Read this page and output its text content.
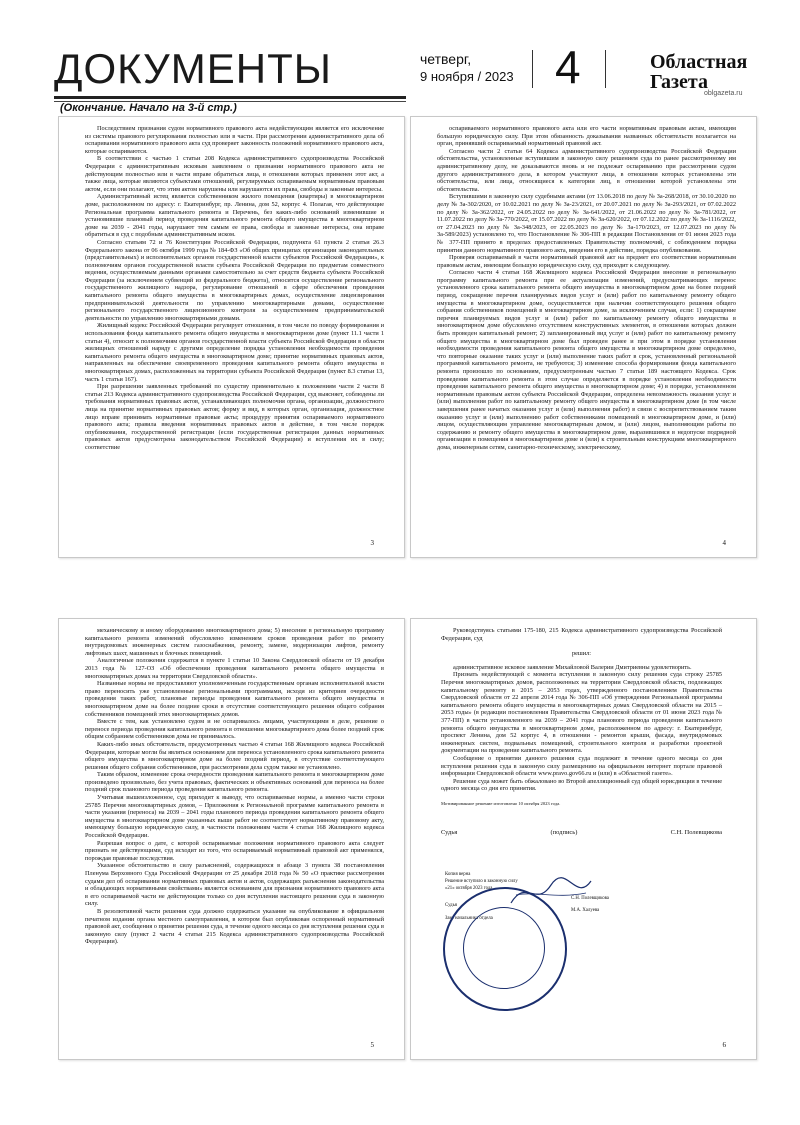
ДОКУМЕНТЫ	четверг,
9 ноября / 2023 4	Областная
Газета
oblgazeta.ru
(Окончание. Начало на 3-й стр.)

Последствием признания судом нормативного правового акта недействующим является его исключение из системы правового регулирования полностью или в части. При рассмотрении административного дела об оспаривании нормативного правового акта суд проверяет законность положений нормативного правового акта, которые оспариваются.

В соответствии с частью 1 статьи 208 Кодекса административного судопроизводства Российской Федерации с административным исковым заявлением о признании нормативного правового акта не действующим полностью или в части вправе обратиться лица, в отношении которых применен этот акт, а также лица, которые являются субъектами отношений, регулируемых оспариваемым нормативным правовым актом, если они полагают, что этим актом нарушены или нарушаются их права, свободы и законные интересы.

Административный истец является собственником жилого помещения (квартиры) в многоквартирном доме, расположенном по адресу: г. Екатеринбург, пр. Ленина, дом 52, корпус 4. Полагая, что действующие Региональная программа капитального ремонта и Перечень, без каких-либо оснований изменившие и установившие плановый период проведения капитального ремонта общего имущества в многоквартирном доме на 2039 - 2041 годы, нарушают тем самым ее права, свободы и законные интересы, она вправе обратиться в суд с подобным административным иском.

Согласно статьям 72 и 76 Конституции Российской Федерации, подпункта 61 пункта 2 статьи 26.3 Федерального закона от 06 октября 1999 года № 184-ФЗ «Об общих принципах организации законодательных (представительных) и исполнительных органов государственной власти субъектов Российской Федерации», к полномочиям органов государственной власти субъекта Российской Федерации по предметам совместного ведения, осуществляемым данными органами самостоятельно за счет средств бюджета субъекта Российской Федерации (за исключением субвенций из федерального бюджета), относится осуществление регионального государственного жилищного надзора, регулирование отношений в сфере обеспечения проведения капитального ремонта общего имущества в многоквартирных домах, осуществление лицензирования предпринимательской деятельности по управлению многоквартирными домами, осуществление регионального государственного лицензионного контроля за осуществлением предпринимательской деятельности по управлению многоквартирными домами.

Жилищный кодекс Российской Федерации регулирует отношения, в том числе по поводу формирования и использования фонда капитального ремонта общего имущества в многоквартирном доме (пункт 11.1 части 1 статьи 4), относит к полномочиям органов государственной власти субъекта Российской Федерации в области жилищных отношений наряду с другими определение порядка установления необходимости проведения капитального ремонта общего имущества в многоквартирном доме; принятие нормативных правовых актов, направленных на обеспечение своевременного проведения капитального ремонта общего имущества в многоквартирных домах, расположенных на территории субъекта Российской Федерации (пункт 8.3 статьи 13, часть 1 статьи 167).

При разрешении заявленных требований по существу применительно к положениям части 2 части 8 статьи 213 Кодекса административного судопроизводства Российской Федерации, суд выясняет, соблюдены ли требования нормативных правовых актов, устанавливающих полномочия органа, организации, должностного лица на принятие нормативных правовых актов; форму и вид, в которых орган, организация, должностное лицо вправе принимать нормативные правовые акты; процедуру принятия оспариваемого нормативного правового акта; правила введения нормативных правовых актов в действие, в том числе порядок опубликования, государственной регистрации (если государственная регистрация данных нормативных правовых актов предусмотрена законодательством Российской Федерации) и вступления их в силу; соответствие

3

оспариваемого нормативного правового акта или его части нормативным правовым актам, имеющим большую юридическую силу. При этом обязанность доказывания названных обстоятельств возлагается на орган, принявший оспариваемый нормативный правовой акт.

Согласно части 2 статьи 64 Кодекса административного судопроизводства Российской Федерации обстоятельства, установленные вступившим в законную силу решением суда по ранее рассмотренному им административному делу, не доказываются вновь и не подлежат оспариванию при рассмотрении судом другого административного дела, в котором участвуют лица, в отношении которых установлены эти обстоятельства, или лица, относящиеся к категории лиц, в отношении которой установлены эти обстоятельства.

Вступившими в законную силу судебными актами (от 13.06.2018 по делу № За-268/2018, от 30.10.2020 по делу № За-302/2020, от 10.02.2021 по делу № За-23/2021, от 20.07.2021 по делу № За-293/2021, от 07.02.2022 по делу № За-362/2022, от 24.05.2022 по делу № За-641/2022, от 21.06.2022 по делу № За-781/2022, от 11.07.2022 по делу № За-770/2022, от 15.07.2022 по делу № За-620/2022, от 07.12.2022 по делу № За-1116/2022, от 27.04.2023 по делу № За-348/2023, от 22.05.2023 по делу № За-170/2023, от 12.07.2023 по делу № За-589/2023) установлено то, что Постановление № 306-ПП в редакции Постановления от 01 июня 2023 года № 377-ПП принято в пределах предоставленных Правительству полномочий, с соблюдением порядка принятия данного нормативного правового акта, введения его в действие, порядка опубликования.

Проверяя оспариваемый в части нормативный правовой акт на предмет его соответствия нормативным правовым актам, имеющим большую юридическую силу, суд приходит к следующему.

Согласно части 4 статьи 168 Жилищного кодекса Российской Федерации внесение в региональную программу капитального ремонта при ее актуализации изменений, предусматривающих перенос установленного срока капитального ремонта общего имущества в многоквартирном доме на более поздний период, сокращение перечня планируемых видов услуг и (или) работ по капитальному ремонту общего имущества в многоквартирном доме, осуществляется при наличии соответствующего решения общего собрания собственников помещений в многоквартирном доме, за исключением случая, если: 1) сокращение перечня планируемых видов услуг и (или) работ по капитальному ремонту общего имущества в многоквартирном доме обусловлено отсутствием конструктивных элементов, в отношении которых должен быть проведен капитальный ремонт; 2) запланированный вид услуг и (или) работ по капитальному ремонту общего имущества в многоквартирном доме был проведен ранее и при этом в порядке установления необходимости проведения капитального ремонта общего имущества в многоквартирном доме определено, что повторные оказание таких услуг и (или) выполнение таких работ в срок, установленный региональной программой капитального ремонта, не требуются; 3) изменение способа формирования фонда капитального ремонта произошло по основаниям, предусмотренным частью 7 статьи 189 настоящего Кодекса. Срок проведения капитального ремонта в этом случае определяется в порядке установления необходимости проведения капитального ремонта общего имущества в многоквартирном доме; 4) в порядке, установленном нормативным правовым актом субъекта Российской Федерации, определена невозможность оказания услуг и (или) выполнения работ по капитальному ремонту общего имущества в многоквартирном доме (в том числе завершения ранее начатых оказания услуг и (или) выполнения работ) в связи с воспрепятствованием таким оказанию услуг и (или) выполнению работ собственниками помещений в многоквартирном доме, и (или) лицом, осуществляющим управление многоквартирным домом, и (или) лицом, выполняющим работы по содержанию и ремонту общего имущества в многоквартирном доме, выразившимся в недопуске подрядной организации в помещения в многоквартирном доме и (или) к строительным конструкциям многоквартирного дома, инженерным сетям, санитарно-техническому, электрическому,

4

механическому и иному оборудованию многоквартирного дома; 5) внесение в региональную программу капитального ремонта изменений обусловлено изменением сроков проведения работ по ремонту внутридомовых инженерных систем газоснабжения, ремонту, замене, модернизации лифтов, ремонту лифтовых шахт, машинных и блочных помещений.

Аналогичные положения содержатся в пункте 1 статьи 10 Закона Свердловской области от 19 декабря 2013 года № 127-ОЗ «Об обеспечении проведения капитального ремонта общего имущества в многоквартирных домах на территории Свердловской области».

Названные нормы не предоставляют уполномоченным государственным органам исполнительной власти право переносить уже установленные региональными программами, исходя из критериев очередности проведения таких работ, плановые периоды проведения капитального ремонта общего имущества в многоквартирном доме на более поздние сроки в отсутствие соответствующего решения общего собрания собственников помещений этих многоквартирных домов.

Вместе с тем, как установлено судом и не оспаривалось лицами, участвующими в деле, решение о переносе периода проведения капитального ремонта в отношении многоквартирного дома более поздний срок общим собранием собственников дома не принималось.

Каких-либо иных обстоятельств, предусмотренных частью 4 статьи 168 Жилищного кодекса Российской Федерации, которые могли бы являться основанием для переноса установленного срока капитального ремонта общего имущества в многоквартирном доме на более поздний период, в отсутствие соответствующего решения общего собрания собственников, при рассмотрении дела судом также не установлено.

Таким образом, изменение срока очередности проведения капитального ремонта в многоквартирном доме произведено произвольно, без учета правовых, фактических и объективных оснований для переноса на более поздний срок планового периода проведения капитального ремонта.

Учитывая вышеизложенное, суд приходит к выводу, что оспариваемые нормы, а именно части строки 25785 Перечня многоквартирных домов, – Приложения к Региональной программе капитального ремонта в части указания (переноса) на 2039 – 2041 годы планового периода проведения капитального ремонта общего имущества в многоквартирном доме указанных выше работ не соответствует нормативному правовому акту, имеющему большую юридическую силу, в частности положениям части 4 статьи 168 Жилищного кодекса Российской Федерации.

Разрешая вопрос о дате, с которой оспариваемые положения нормативного правового акта следует признать не действующими, суд исходит из того, что оспариваемый нормативный правовой акт применялся, порождая правовые последствия.

Указанное обстоятельство в силу разъяснений, содержащихся в абзаце 3 пункта 38 постановления Пленума Верховного Суда Российской Федерации от 25 декабря 2018 года № 50 «О практике рассмотрения судами дел об оспаривании нормативных правовых актов и актов, содержащих разъяснения законодательства и обладающих нормативными свойствами» является основанием для признания нормативного правового акта в его оспариваемой части не действующим только со дня вступления настоящего решения суда в законную силу.

В резолютивной части решения суда должно содержаться указание на опубликование в официальном печатном издании органа местного самоуправления, в котором был опубликован оспоренный нормативный правовой акт, сообщения о принятии решения суда, в течение одного месяца со дня вступления решения суда в законную силу (пункт 2 части 4 статьи 215 Кодекса административного судопроизводства Российской Федерации).

5

Руководствуясь статьями 175-180, 215 Кодекса административного судопроизводства Российской Федерации, суд

решил:

административное исковое заявление Михайловой Валерии Дмитриевны удовлетворить.

Признать недействующей с момента вступления в законную силу решения суда строку 25785 Перечня многоквартирных домов, расположенных на территории Свердловской области, подлежащих капитальному ремонту в 2015 – 2053 годах, утвержденного постановлением Правительства Свердловской области от 22 апреля 2014 года № 306-ПП «Об утверждении Региональной программы капитального ремонта общего имущества в многоквартирных домах Свердловской области на 2015 – 2053 годы» (в редакции постановления Правительства Свердловской области от 01 июня 2023 года № 377-ПП) в части установленного на 2039 – 2041 годы планового периода проведения капитального ремонта общего имущества в многоквартирном доме, расположенном по адресу: г. Екатеринбург, проспект Ленина, дом 52 корпус 4, в отношении - ремонтов крыши, фасада, внутридомовых инженерных систем, подвальных помещений, строительного контроля и разработки проектной документации на проведение капитального ремонта.

Сообщение о принятии данного решения суда подлежит в течение одного месяца со дня вступления решения суда в законную силу размещению на официальном интернет портале правовой информации Свердловской области www.pravo.gov66.ru и (или) в «Областной газете».

Решение суда может быть обжаловано во Второй апелляционный суд общей юрисдикции в течение одного месяца со дня его принятия.

Мотивированное решение изготовлено 10 октября 2023 года.

Судья	(подпись)	С.Н. Полевщикова
Копия верна
Решение вступило в законную силу
«21» октября 2023 года
Судья
Зам. начальника отдела
С.Н. Полевщикова
М.А. Халуева
6
